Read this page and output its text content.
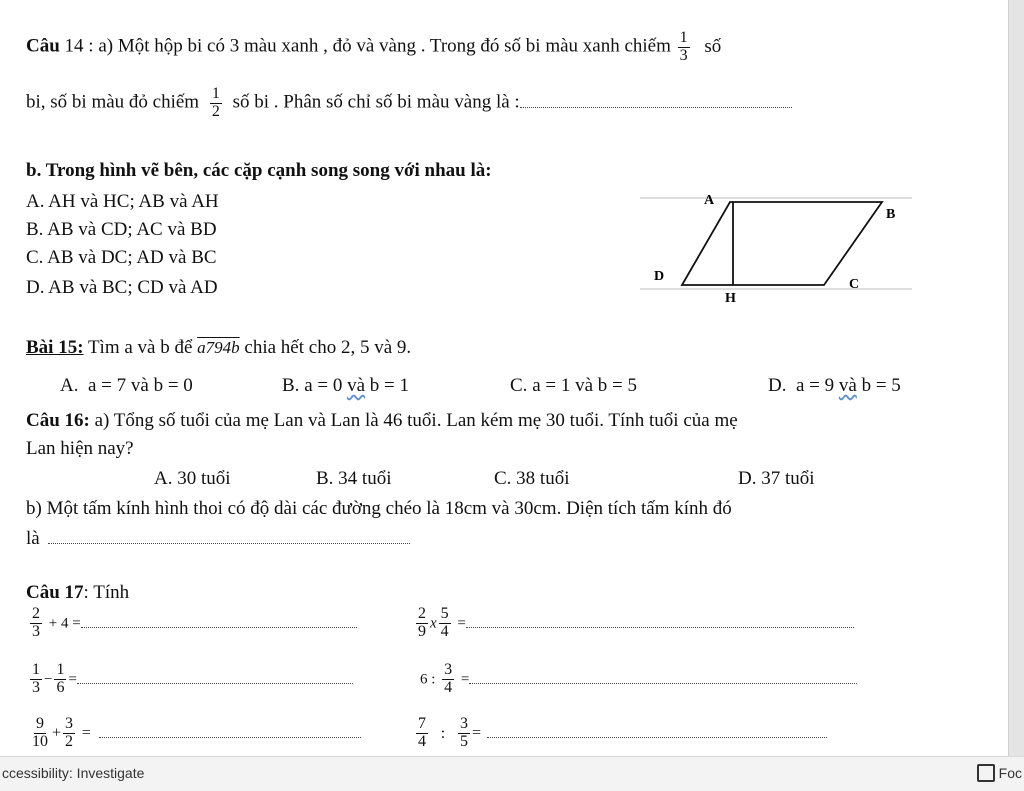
Câu 14 : a) Một hộp bi có 3 màu xanh , đỏ và vàng . Trong đó số bi màu xanh chiếm $\frac{1}{3}$ số
bi, số bi màu đỏ chiếm $\frac{1}{2}$ số bi . Phân số chỉ số bi màu vàng là :
b. Trong hình vẽ bên, các cặp cạnh song song với nhau là:
A. AH và HC; AB và AH
B. AB và CD; AC và BD
C. AB và DC; AD và BC
D. AB và BC; CD và AD
A
B
D
C
H
Bài 15: Tìm a và b để a794b chia hết cho 2, 5 và 9.
A. a = 7 và b = 0	B. a = 0 và b = 1	C. a = 1 và b = 5	D. a = 9 và b = 5
Câu 16: a) Tổng số tuổi của mẹ Lan và Lan là 46 tuổi. Lan kém mẹ 30 tuổi. Tính tuổi của mẹ
Lan hiện nay?
A. 30 tuổi	B. 34 tuổi	C. 38 tuổi	D. 37 tuổi
b) Một tấm kính hình thoi có độ dài các đường chéo là 18cm và 30cm. Diện tích tấm kính đó
là
Câu 17: Tính
$\frac{2}{3} + 4$ =	$\frac{2}{9}$ x $\frac{5}{4}$ =
$\frac{1}{3} - \frac{1}{6}$ =	6 : $\frac{3}{4}$ =
$\frac{9}{10} + \frac{3}{2}$ =	$\frac{7}{4}$ : $\frac{3}{5}$ =
ccessibility: Investigate	Foc
